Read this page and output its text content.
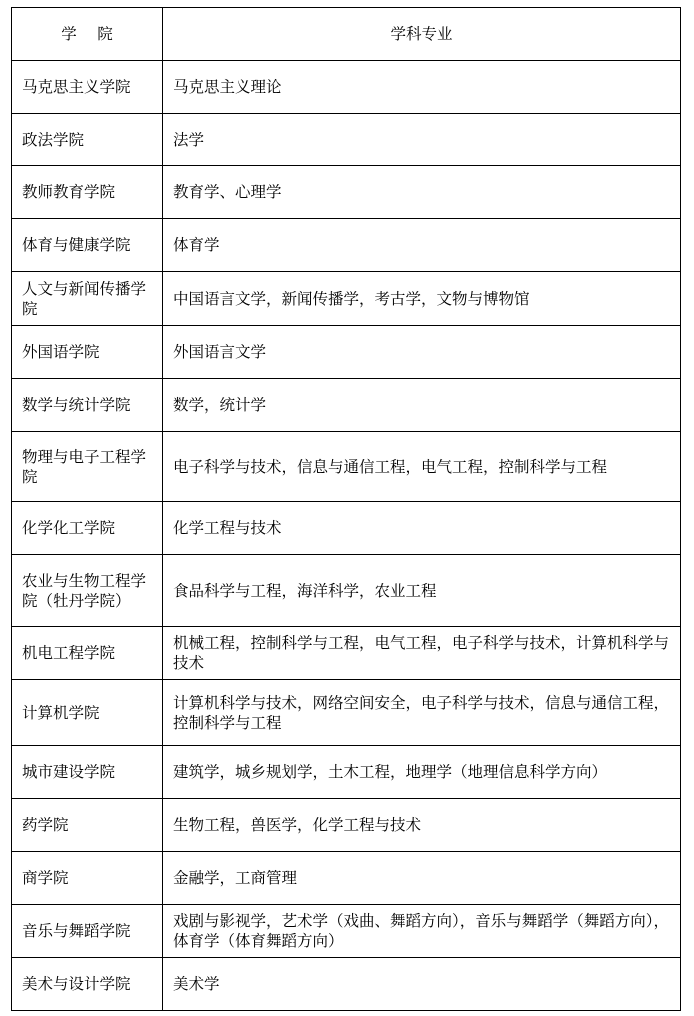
学　 院	学科专业
马克思主义学院	马克思主义理论
政法学院	法学
教师教育学院	教育学、心理学
体育与健康学院	体育学
人文与新闻传播学院	中国语言文学，新闻传播学，考古学，文物与博物馆
外国语学院	外国语言文学
数学与统计学院	数学，统计学
物理与电子工程学院	电子科学与技术，信息与通信工程，电气工程，控制科学与工程
化学化工学院	化学工程与技术
农业与生物工程学院（牡丹学院）	食品科学与工程，海洋科学，农业工程
机电工程学院	机械工程，控制科学与工程，电气工程，电子科学与技术，计算机科学与技术
计算机学院	计算机科学与技术，网络空间安全，电子科学与技术，信息与通信工程，控制科学与工程
城市建设学院	建筑学，城乡规划学，土木工程，地理学（地理信息科学方向）
药学院	生物工程，兽医学，化学工程与技术
商学院	金融学，工商管理
音乐与舞蹈学院	戏剧与影视学，艺术学（戏曲、舞蹈方向），音乐与舞蹈学（舞蹈方向），体育学（体育舞蹈方向）
美术与设计学院	美术学
